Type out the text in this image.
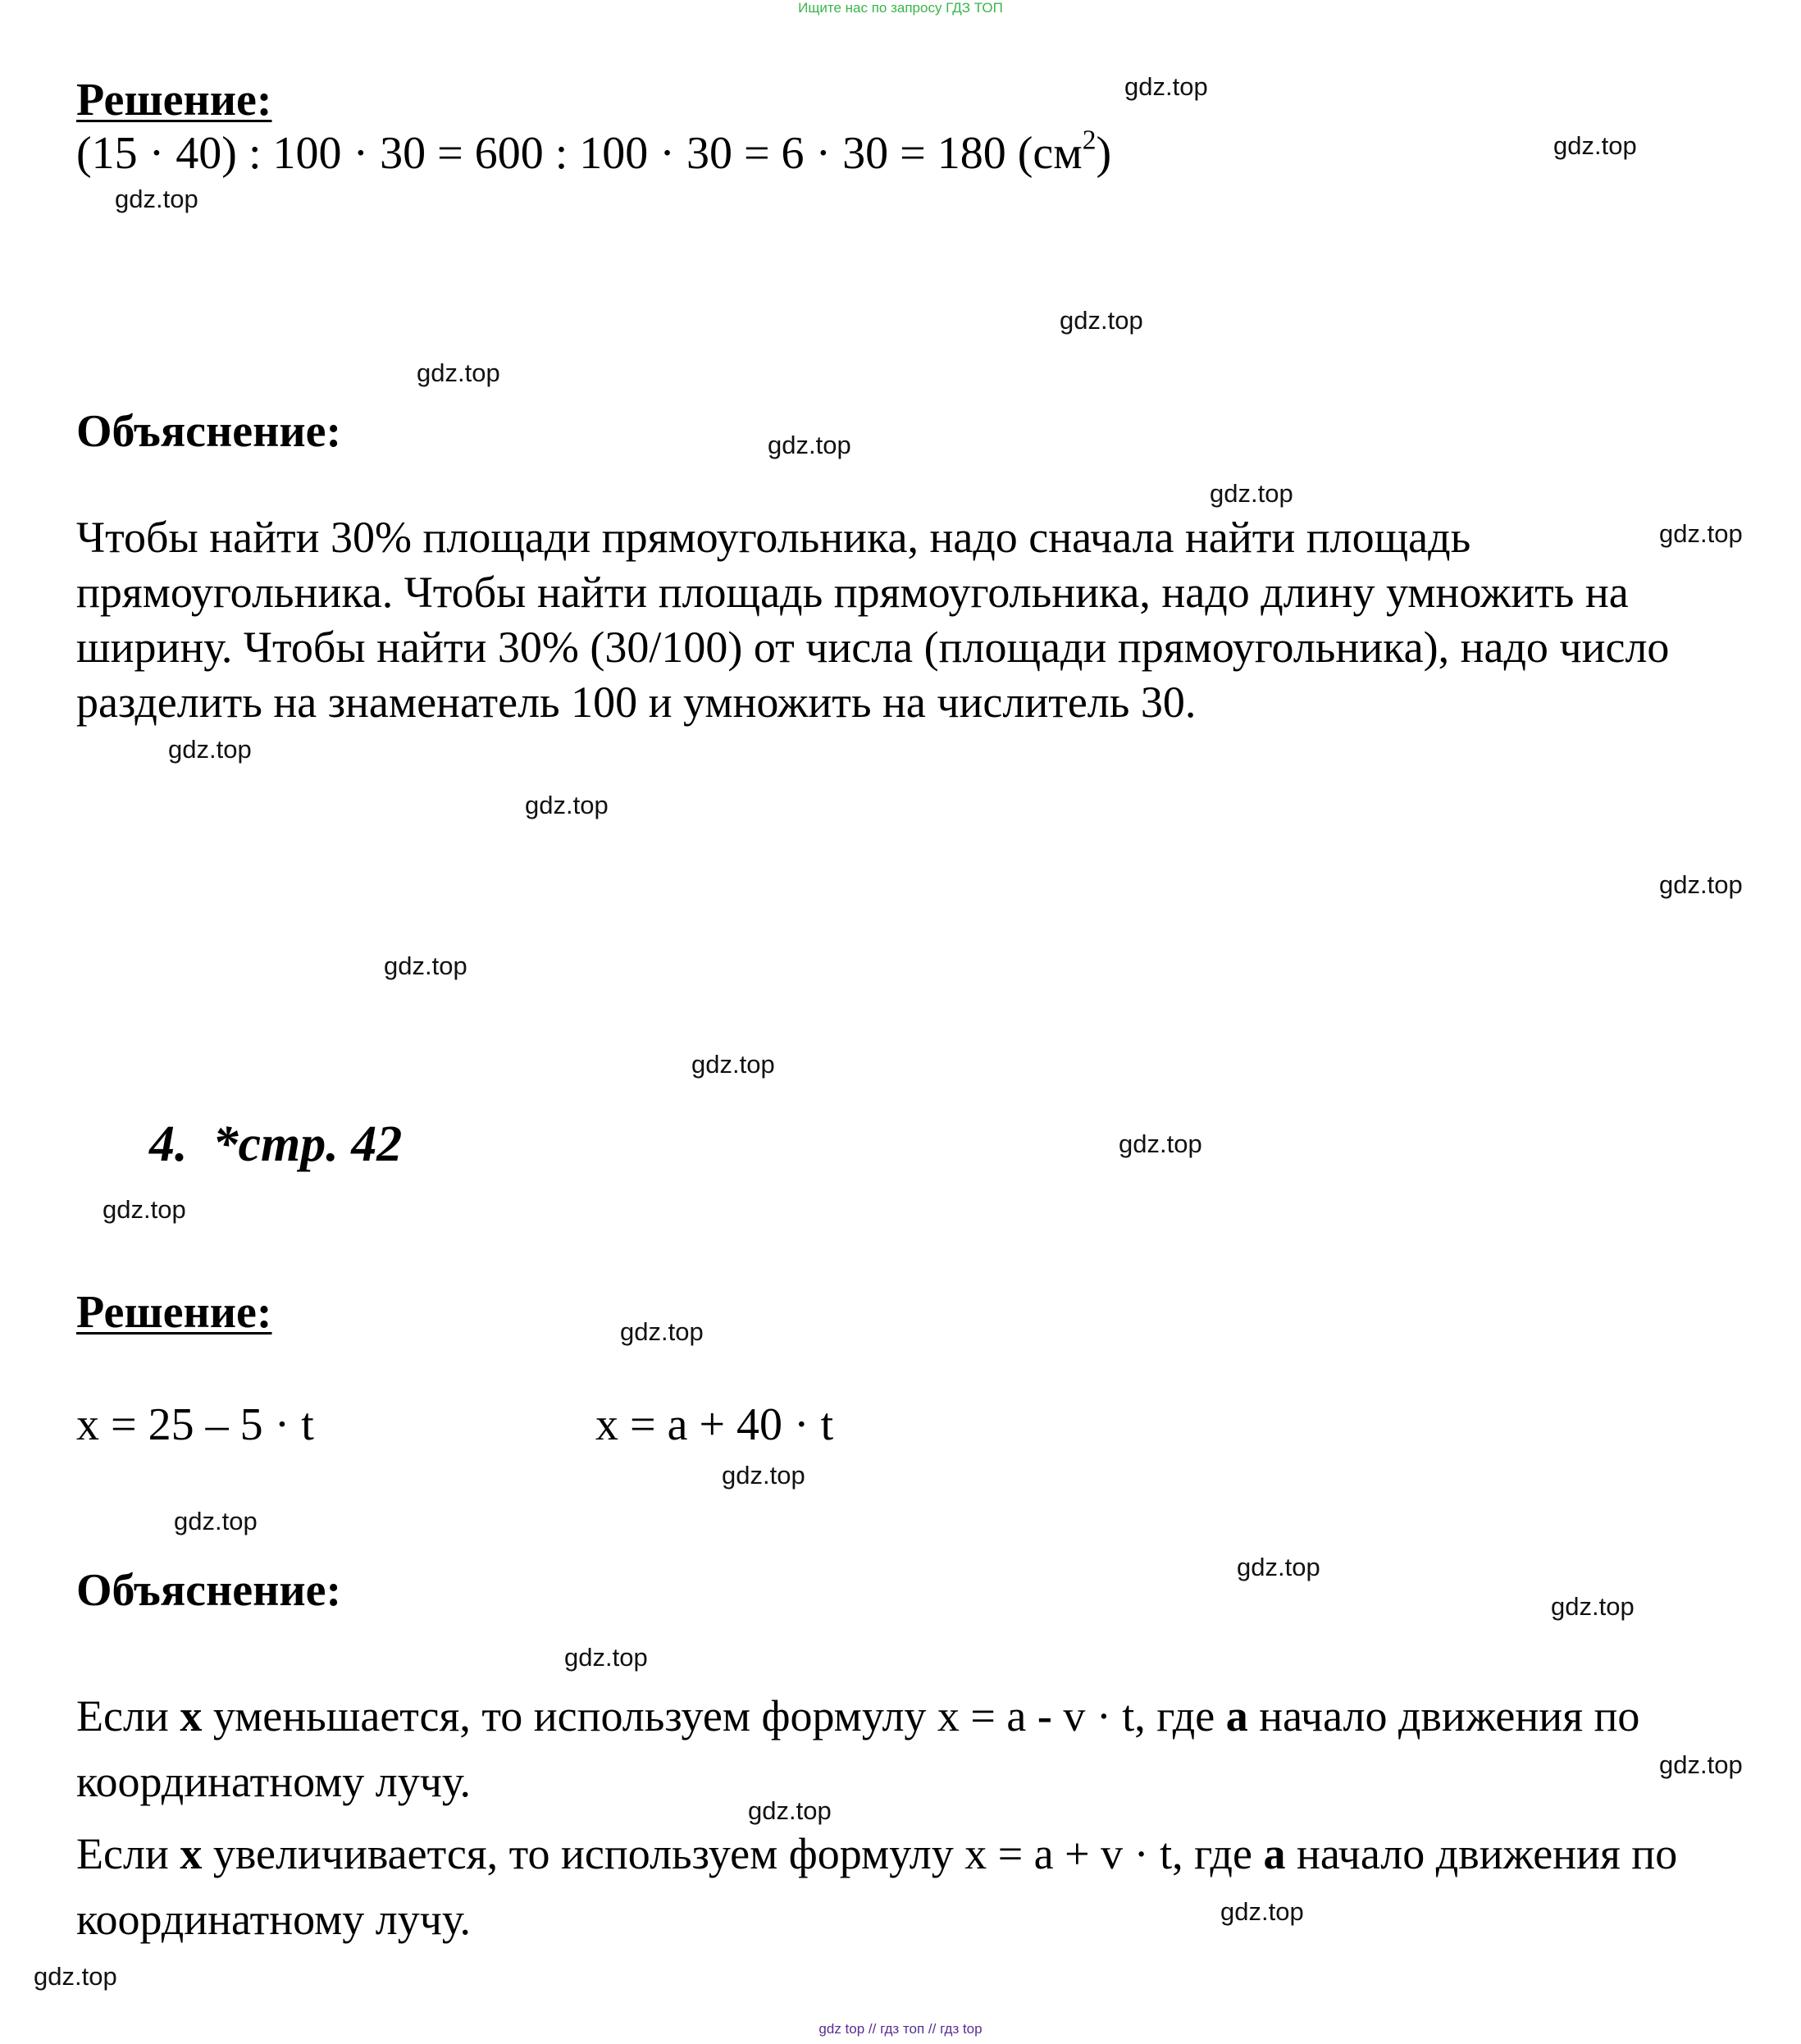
Ищите нас по запросу ГДЗ ТОП
Решение:
(15 · 40) : 100 · 30 = 600 : 100 · 30 = 6 · 30 = 180 $(см^2)$
Объяснение:
Чтобы найти 30% площади прямоугольника, надо сначала найти площадь прямоугольника. Чтобы найти площадь прямоугольника, надо длину умножить на ширину. Чтобы найти 30% (30/100) от числа (площади прямоугольника), надо число разделить на знаменатель 100 и умножить на числитель 30.
4. *стр. 42
Решение:
x = 25 – 5 · t	x = a + 40 · t
Объяснение:
Если x уменьшается, то используем формулу x = a - v · t, где а начало движения по координатному лучу.
Если x увеличивается, то используем формулу x = a + v · t, где а начало движения по координатному лучу.
gdz.top
gdz.top
gdz.top
gdz.top
gdz.top
gdz.top
gdz.top
gdz.top
gdz.top
gdz.top
gdz.top
gdz.top
gdz.top
gdz.top
gdz.top
gdz.top
gdz.top
gdz.top
gdz.top
gdz.top
gdz.top
gdz.top
gdz.top
gdz.top
gdz.top
gdz top // гдз топ // гдз top
